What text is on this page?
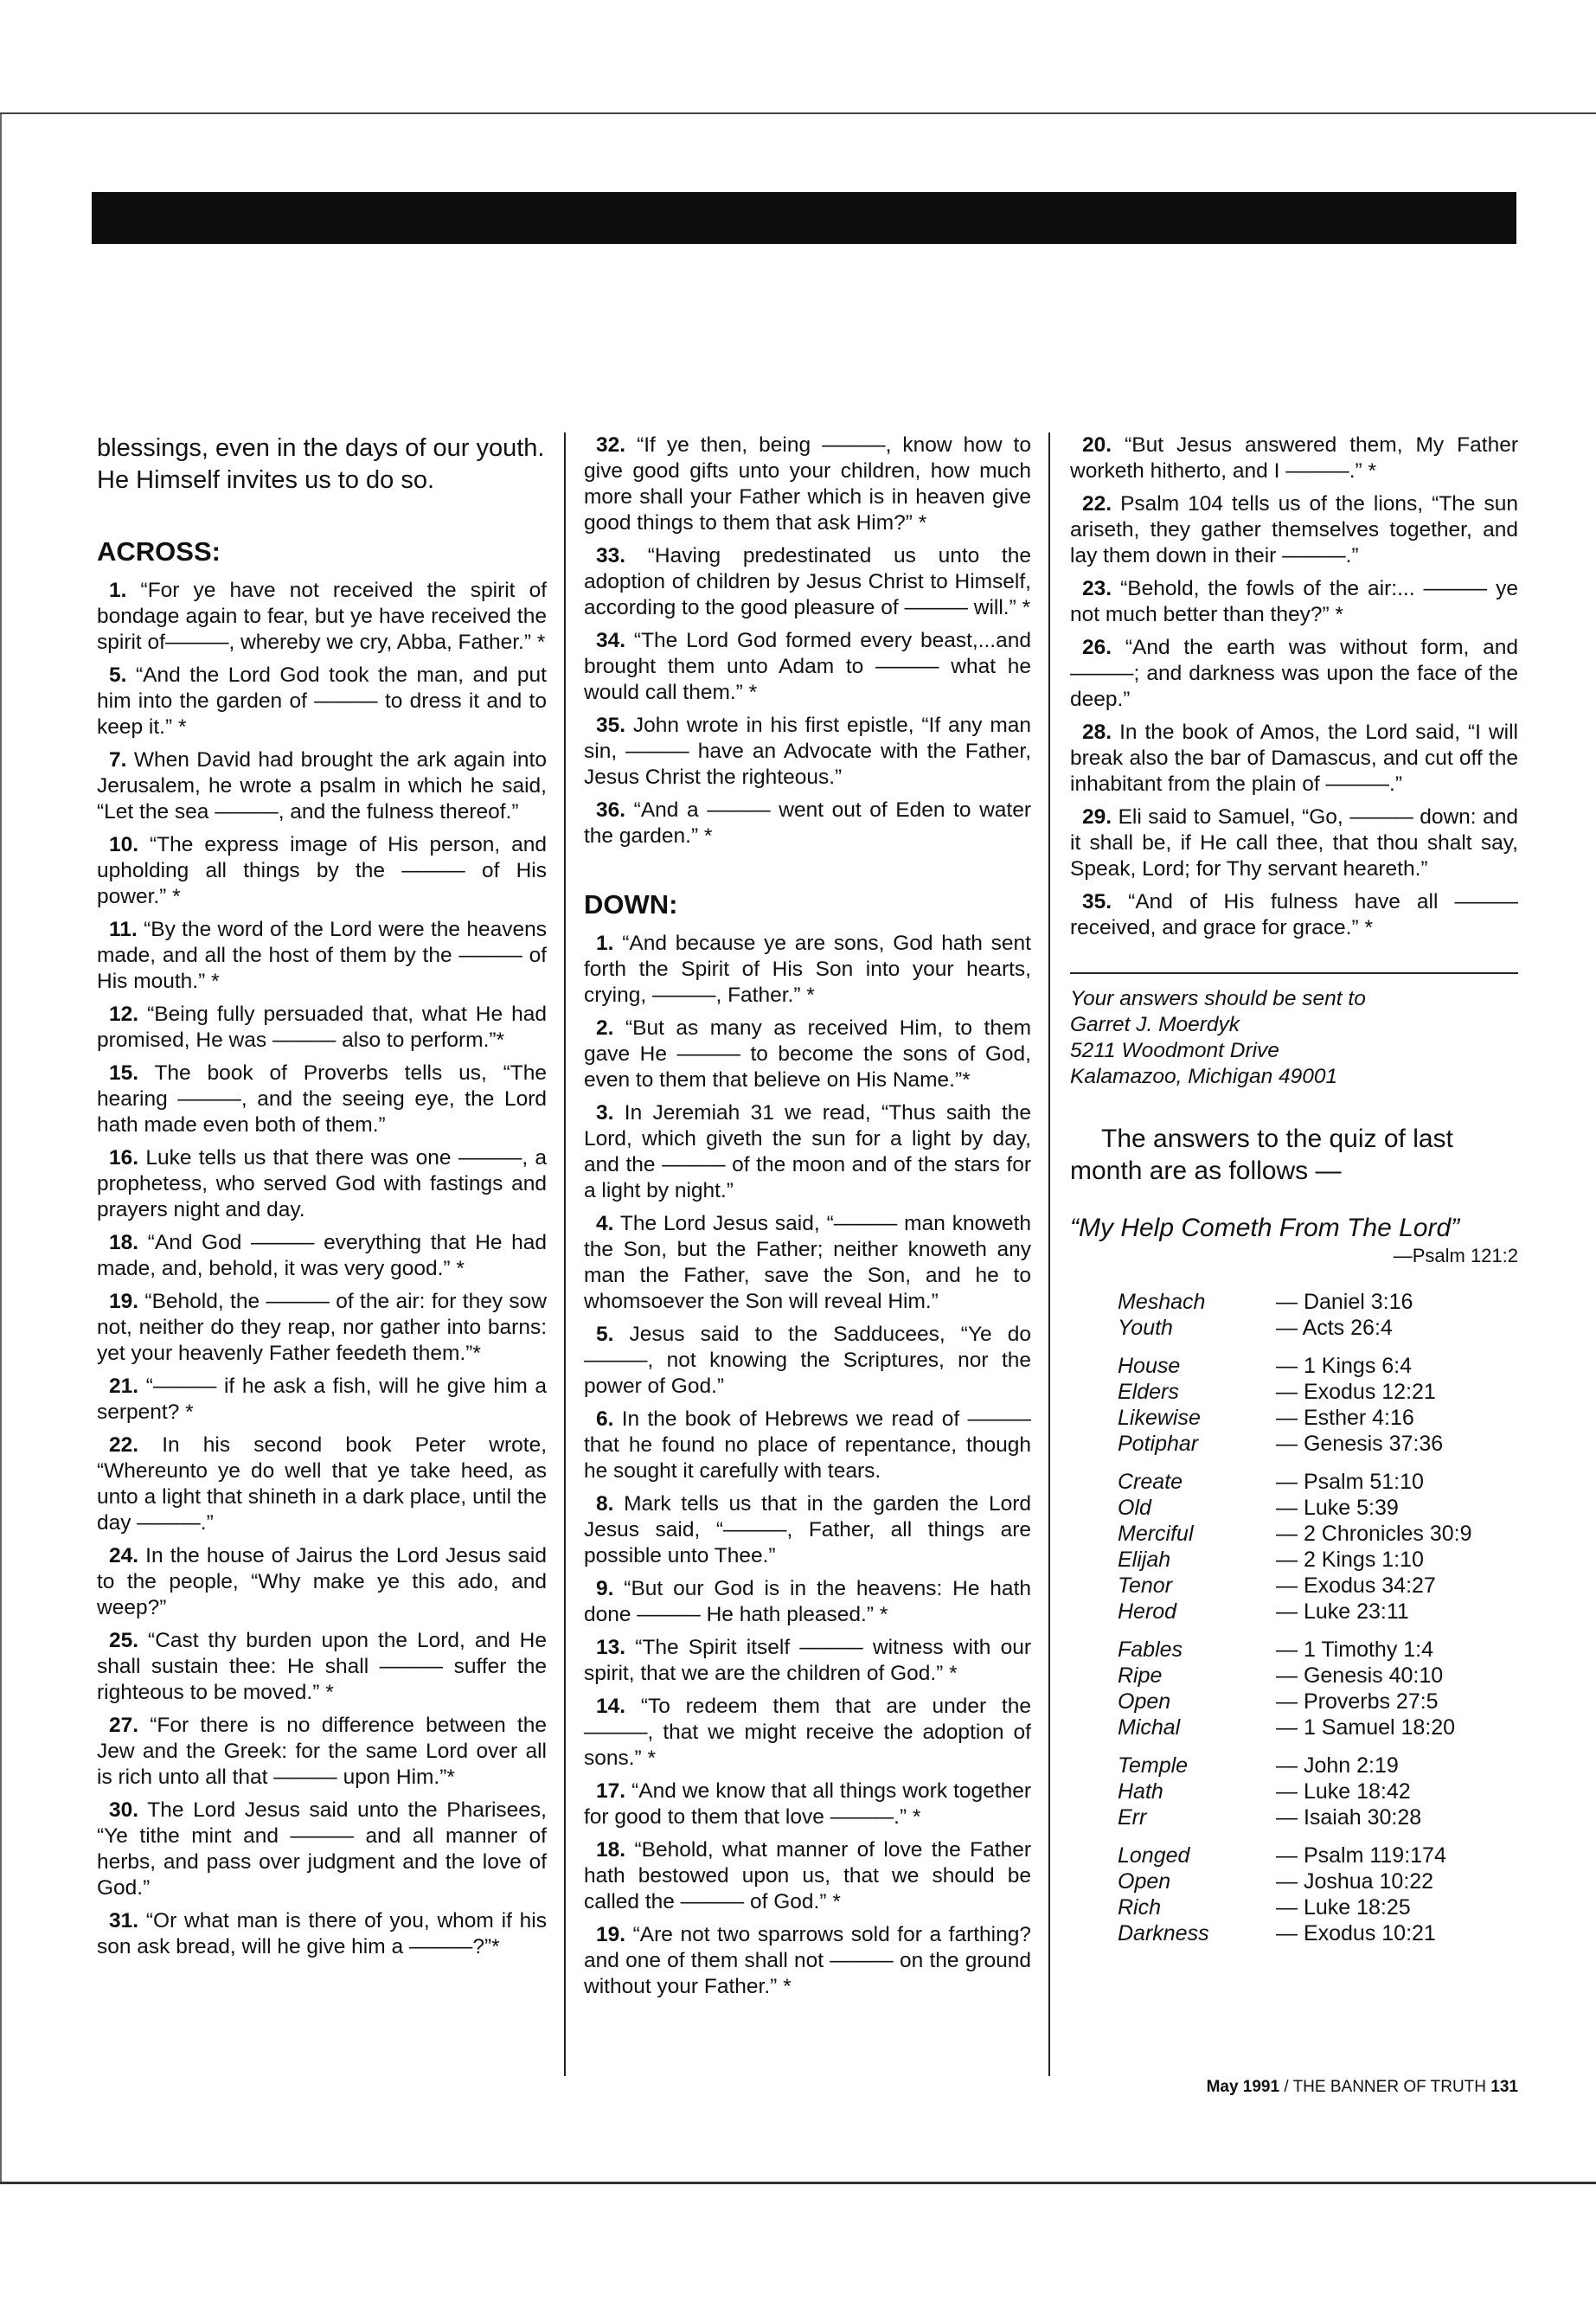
blessings, even in the days of our youth.
He Himself invites us to do so.

ACROSS:

1. “For ye have not received the spirit of bondage again to fear, but ye have received the spirit of———, whereby we cry, Abba, Father.” *

5. “And the Lord God took the man, and put him into the garden of ——— to dress it and to keep it.” *

7. When David had brought the ark again into Jerusalem, he wrote a psalm in which he said, “Let the sea ———, and the fulness thereof.”

10. “The express image of His person, and upholding all things by the ——— of His power.” *

11. “By the word of the Lord were the heavens made, and all the host of them by the ——— of His mouth.” *

12. “Being fully persuaded that, what He had promised, He was ——— also to perform.”*

15. The book of Proverbs tells us, “The hearing ———, and the seeing eye, the Lord hath made even both of them.”

16. Luke tells us that there was one ———, a prophetess, who served God with fastings and prayers night and day.

18. “And God ——— everything that He had made, and, behold, it was very good.” *

19. “Behold, the ——— of the air: for they sow not, neither do they reap, nor gather into barns: yet your heavenly Father feedeth them.”*

21. “——— if he ask a fish, will he give him a serpent? *

22. In his second book Peter wrote, “Whereunto ye do well that ye take heed, as unto a light that shineth in a dark place, until the day ———.”

24. In the house of Jairus the Lord Jesus said to the people, “Why make ye this ado, and weep?”

25. “Cast thy burden upon the Lord, and He shall sustain thee: He shall ——— suffer the righteous to be moved.” *

27. “For there is no difference between the Jew and the Greek: for the same Lord over all is rich unto all that ——— upon Him.”*

30. The Lord Jesus said unto the Pharisees, “Ye tithe mint and ——— and all manner of herbs, and pass over judgment and the love of God.”

31. “Or what man is there of you, whom if his son ask bread, will he give him a ———?”*

32. “If ye then, being ———, know how to give good gifts unto your children, how much more shall your Father which is in heaven give good things to them that ask Him?” *

33. “Having predestinated us unto the adoption of children by Jesus Christ to Himself, according to the good pleasure of ——— will.” *

34. “The Lord God formed every beast,...and brought them unto Adam to ——— what he would call them.” *

35. John wrote in his first epistle, “If any man sin, ——— have an Advocate with the Father, Jesus Christ the righteous.”

36. “And a ——— went out of Eden to water the garden.” *

DOWN:

1. “And because ye are sons, God hath sent forth the Spirit of His Son into your hearts, crying, ———, Father.” *

2. “But as many as received Him, to them gave He ——— to become the sons of God, even to them that believe on His Name.”*

3. In Jeremiah 31 we read, “Thus saith the Lord, which giveth the sun for a light by day, and the ——— of the moon and of the stars for a light by night.”

4. The Lord Jesus said, “——— man knoweth the Son, but the Father; neither knoweth any man the Father, save the Son, and he to whomsoever the Son will reveal Him.”

5. Jesus said to the Sadducees, “Ye do ———, not knowing the Scriptures, nor the power of God.”

6. In the book of Hebrews we read of ——— that he found no place of repentance, though he sought it carefully with tears.

8. Mark tells us that in the garden the Lord Jesus said, “———, Father, all things are possible unto Thee.”

9. “But our God is in the heavens: He hath done ——— He hath pleased.” *

13. “The Spirit itself ——— witness with our spirit, that we are the children of God.” *

14. “To redeem them that are under the ———, that we might receive the adoption of sons.” *

17. “And we know that all things work together for good to them that love ———.” *

18. “Behold, what manner of love the Father hath bestowed upon us, that we should be called the ——— of God.” *

19. “Are not two sparrows sold for a farthing? and one of them shall not ——— on the ground without your Father.” *

20. “But Jesus answered them, My Father worketh hitherto, and I ———.” *

22. Psalm 104 tells us of the lions, “The sun ariseth, they gather themselves together, and lay them down in their ———.”

23. “Behold, the fowls of the air:... ——— ye not much better than they?” *

26. “And the earth was without form, and ———; and darkness was upon the face of the deep.”

28. In the book of Amos, the Lord said, “I will break also the bar of Damascus, and cut off the inhabitant from the plain of ———.”

29. Eli said to Samuel, “Go, ——— down: and it shall be, if He call thee, that thou shalt say, Speak, Lord; for Thy servant heareth.”

35. “And of His fulness have all ——— received, and grace for grace.” *

Your answers should be sent to
Garret J. Moerdyk
5211 Woodmont Drive
Kalamazoo, Michigan 49001

The answers to the quiz of last month are as follows —

“My Help Cometh From The Lord”
—Psalm 121:2
Meshach	— Daniel 3:16
Youth	— Acts 26:4
House	— 1 Kings 6:4
Elders	— Exodus 12:21
Likewise	— Esther 4:16
Potiphar	— Genesis 37:36
Create	— Psalm 51:10
Old	— Luke 5:39
Merciful	— 2 Chronicles 30:9
Elijah	— 2 Kings 1:10
Tenor	— Exodus 34:27
Herod	— Luke 23:11
Fables	— 1 Timothy 1:4
Ripe	— Genesis 40:10
Open	— Proverbs 27:5
Michal	— 1 Samuel 18:20
Temple	— John 2:19
Hath	— Luke 18:42
Err	— Isaiah 30:28
Longed	— Psalm 119:174
Open	— Joshua 10:22
Rich	— Luke 18:25
Darkness	— Exodus 10:21
May 1991 / THE BANNER OF TRUTH 131
